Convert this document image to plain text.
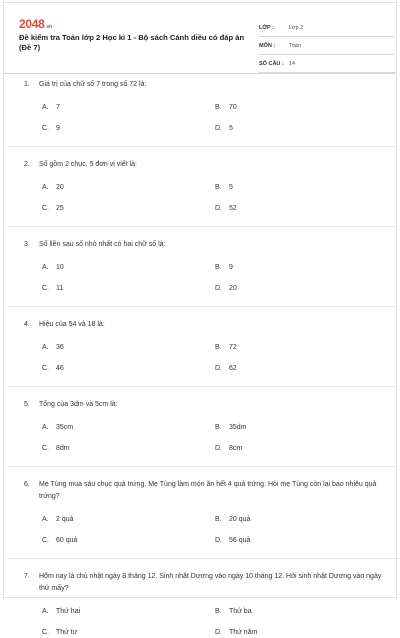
2048.vn
Đề kiểm tra Toán lớp 2 Học kì 1 - Bộ sách Cánh diều có đáp án (Đề 7)
LỚP :	Lớp 2
MÔN :	Toán
SỐ CÂU : 14
1.	Giá trị của chữ số 7 trong số 72 là:
A.	7	B.	70
C.	9	D.	5
2.	Số gồm 2 chục, 5 đơn vị viết là:
A.	20	B.	5
C.	25	D.	52
3.	Số liền sau số nhỏ nhất có hai chữ số là:
A.	10	B.	9
C.	11	D.	20
4.	Hiệu của 54 và 18 là:
A.	36	B.	72
C.	46	D.	62
5.	Tổng của 3dm và 5cm là:
A.	35cm	B.	35dm
C.	8dm	D.	8cm
6.	Mẹ Tùng mua sáu chục quả trứng. Mẹ Tùng làm món ăn hết 4 quả trứng. Hỏi mẹ Tùng còn lại bao nhiêu quả trứng?
A.	2 quả	B.	20 quả
C.	60 quả	D.	56 quả
7.	Hôm nay là chủ nhật ngày 8 tháng 12. Sinh nhật Dương vào ngày 10 tháng 12. Hỏi sinh nhật Dương vào ngày thứ mấy?
A.	Thứ hai	B.	Thứ ba
C.	Thứ tư	D.	Thứ năm
